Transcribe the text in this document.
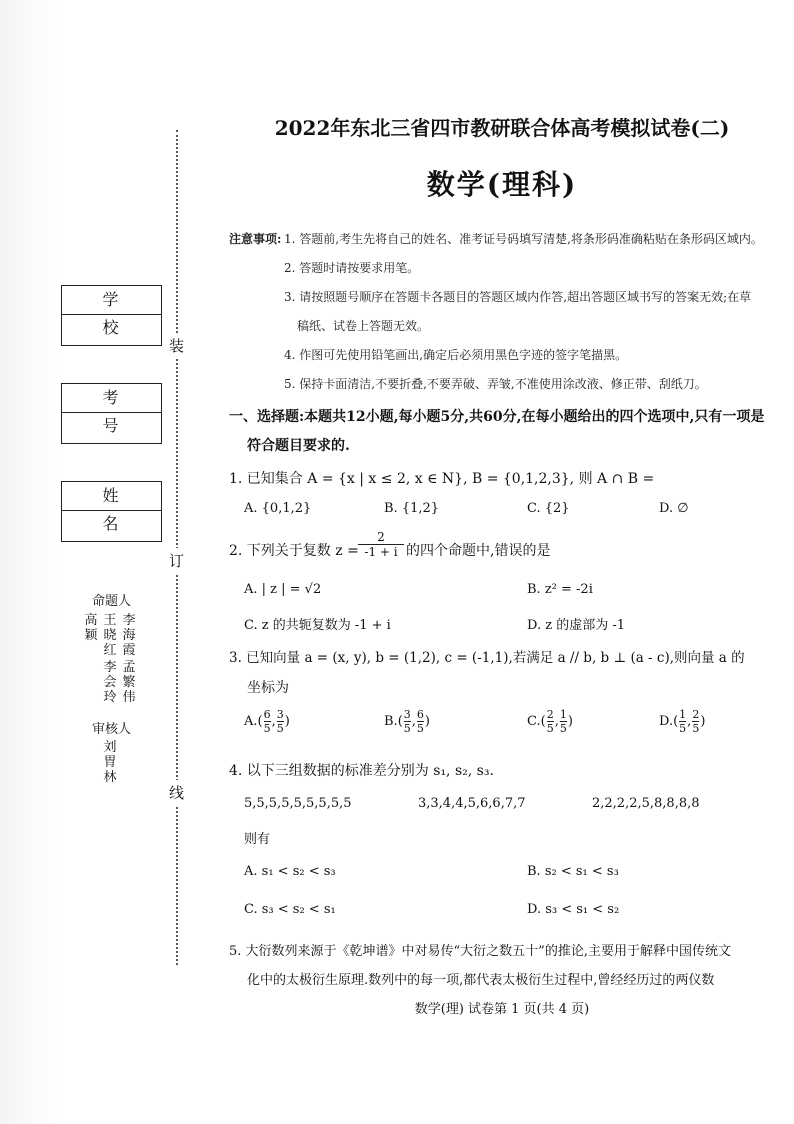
装
订
线
学 校
考 号
姓 名
命题人
高颖
王晓红
李海霞
李会玲
孟繁伟
审核人
刘胃林
2022年东北三省四市教研联合体高考模拟试卷(二)
数学(理科)
注意事项: 1. 答题前,考生先将自己的姓名、准考证号码填写清楚,将条形码准确粘贴在条形码区域内。
2. 答题时请按要求用笔。
3. 请按照题号顺序在答题卡各题目的答题区域内作答,超出答题区域书写的答案无效;在草
稿纸、试卷上答题无效。
4. 作图可先使用铅笔画出,确定后必须用黑色字迹的签字笔描黑。
5. 保持卡面清洁,不要折叠,不要弄破、弄皱,不准使用涂改液、修正带、刮纸刀。
一、选择题:本题共12小题,每小题5分,共60分,在每小题给出的四个选项中,只有一项是
符合题目要求的.
1. 已知集合 A = {x | x ≤ 2, x ∈ N}, B = {0,1,2,3}, 则 A ∩ B =
A. {0,1,2}	B. {1,2}	C. {2}	D. ∅
2. 下列关于复数 $z = \frac{2}{-1 + i}$ 的四个命题中,错误的是
A. | z | = √2	B. z² = -2i
C. z 的共轭复数为 -1 + i	D. z 的虚部为 -1
3. 已知向量 a = (x, y), b = (1,2), c = (-1,1),若满足 a // b, b ⊥ (a - c),则向量 a 的
坐标为
A. ( $\frac{6}{5}$ , $\frac{3}{5}$ )	B. ( $\frac{3}{5}$ , $\frac{6}{5}$ )	C. ( $\frac{2}{5}$ , $\frac{1}{5}$ )	D. ( $\frac{1}{5}$ , $\frac{2}{5}$ )
4. 以下三组数据的标准差分别为 s₁, s₂, s₃.
5,5,5,5,5,5,5,5,5	3,3,4,4,5,6,6,7,7	2,2,2,2,5,8,8,8,8
则有
A. s₁ < s₂ < s₃	B. s₂ < s₁ < s₃
C. s₃ < s₂ < s₁	D. s₃ < s₁ < s₂
5. 大衍数列来源于《乾坤谱》中对易传“大衍之数五十”的推论,主要用于解释中国传统文
化中的太极衍生原理.数列中的每一项,都代表太极衍生过程中,曾经经历过的两仪数
数学(理) 试卷第 1 页(共 4 页)
